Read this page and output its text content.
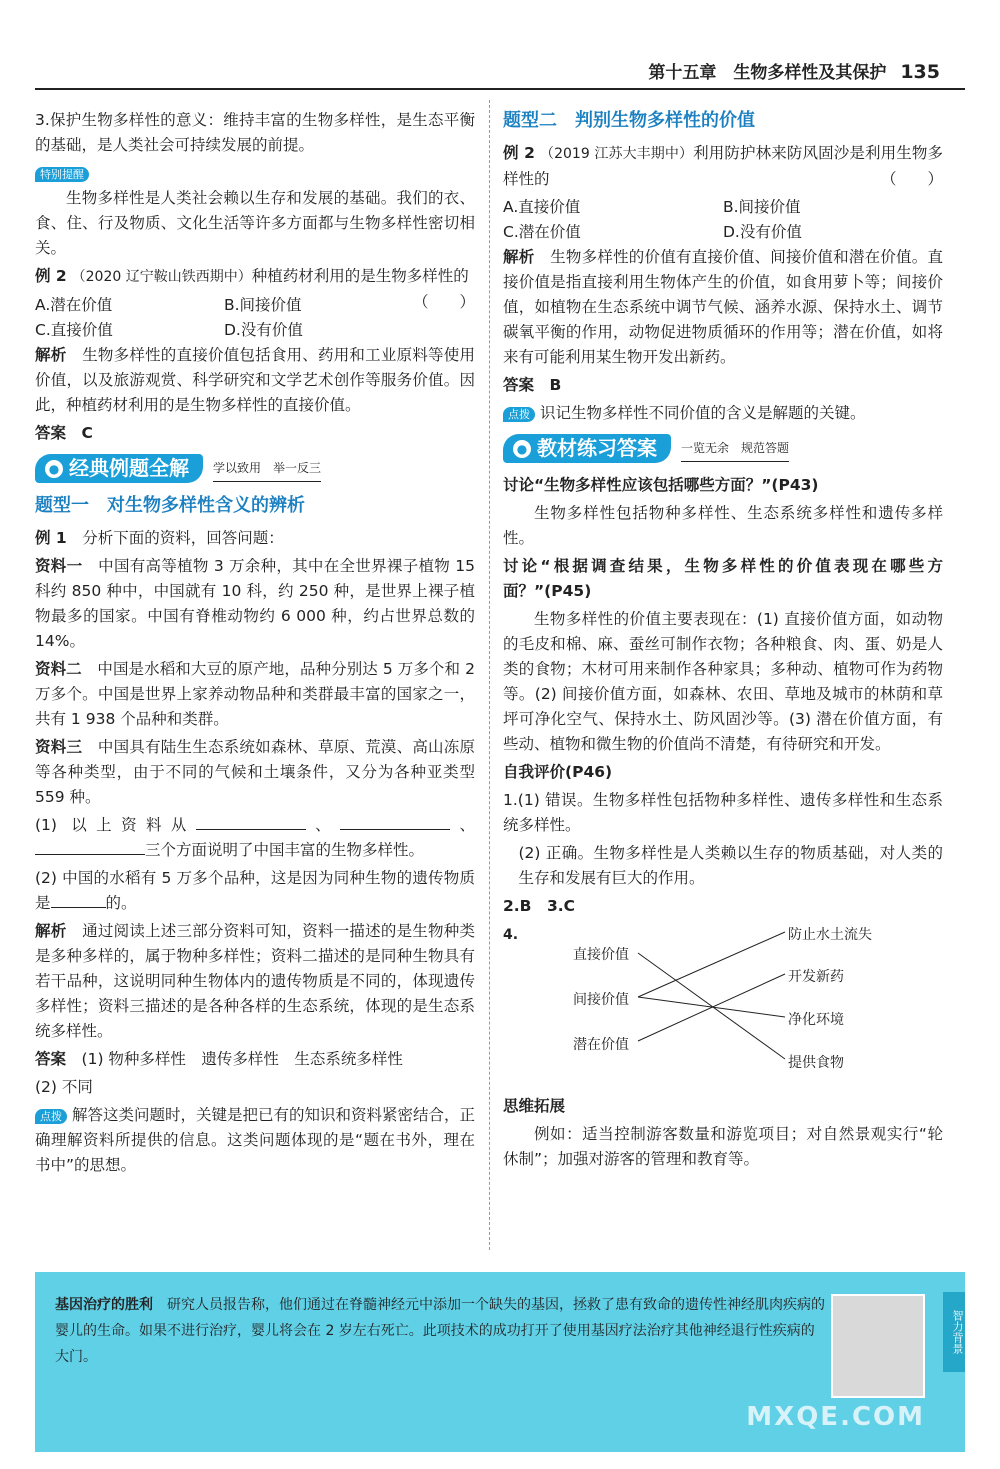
第十五章　生物多样性及其保护 135

3.保护生物多样性的意义：维持丰富的生物多样性，是生态平衡的基础，是人类社会可持续发展的前提。

特别提醒

生物多样性是人类社会赖以生存和发展的基础。我们的衣、食、住、行及物质、文化生活等许多方面都与生物多样性密切相关。

例 2 （2020 辽宁鞍山铁西期中）种植药材利用的是生物多样性的
（　　）

A.潜在价值	B.间接价值
C.直接价值	D.没有价值

解析　 生物多样性的直接价值包括食用、药用和工业原料等使用价值，以及旅游观赏、科学研究和文学艺术创作等服务价值。因此，种植药材利用的是生物多样性的直接价值。

答案　 C

● 经典例题全解 学以致用　举一反三
题型一　对生物多样性含义的辨析

例 1　 分析下面的资料，回答问题：

资料一　 中国有高等植物 3 万余种，其中在全世界裸子植物 15 科约 850 种中，中国就有 10 科，约 250 种，是世界上裸子植物最多的国家。中国有脊椎动物约 6 000 种，约占世界总数的 14%。

资料二　 中国是水稻和大豆的原产地，品种分别达 5 万多个和 2 万多个。中国是世界上家养动物品种和类群最丰富的国家之一，共有 1 938 个品种和类群。

资料三　 中国具有陆生生态系统如森林、草原、荒漠、高山冻原等各种类型，由于不同的气候和土壤条件，又分为各种亚类型 559 种。

(1) 以上资料从	、	、三个方面说明了中国丰富的生物多样性。

(2) 中国的水稻有 5 万多个品种，这是因为同种生物的遗传物质是	的。

解析　 通过阅读上述三部分资料可知，资料一描述的是生物种类是多种多样的，属于物种多样性；资料二描述的是同种生物具有若干品种，这说明同种生物体内的遗传物质是不同的，体现遗传多样性；资料三描述的是各种各样的生态系统，体现的是生态系统多样性。

答案　 (1) 物种多样性　遗传多样性　生态系统多样性

(2) 不同

点拨 解答这类问题时，关键是把已有的知识和资料紧密结合，正确理解资料所提供的信息。这类问题体现的是“题在书外，理在书中”的思想。

题型二　判别生物多样性的价值

例 2 （2019 江苏大丰期中）利用防护林来防风固沙是利用生物多样性的	（　　）

A.直接价值	B.间接价值
C.潜在价值	D.没有价值

解析　 生物多样性的价值有直接价值、间接价值和潜在价值。直接价值是指直接利用生物体产生的价值，如食用萝卜等；间接价值，如植物在生态系统中调节气候、涵养水源、保持水土、调节碳氧平衡的作用，动物促进物质循环的作用等；潜在价值，如将来有可能利用某生物开发出新药。

答案　 B

点拨 识记生物多样性不同价值的含义是解题的关键。

● 教材练习答案 一览无余　规范答题

讨论“生物多样性应该包括哪些方面？”(P43)

生物多样性包括物种多样性、生态系统多样性和遗传多样性。

讨论“根据调查结果，生物多样性的价值表现在哪些方面？”(P45)

生物多样性的价值主要表现在：(1) 直接价值方面，如动物的毛皮和棉、麻、蚕丝可制作衣物；各种粮食、肉、蛋、奶是人类的食物；木材可用来制作各种家具；多种动、植物可作为药物等。(2) 间接价值方面，如森林、农田、草地及城市的林荫和草坪可净化空气、保持水土、防风固沙等。(3) 潜在价值方面，有些动、植物和微生物的价值尚不清楚，有待研究和开发。

自我评价(P46)

1.(1) 错误。生物多样性包括物种多样性、遗传多样性和生态系统多样性。

(2) 正确。生物多样性是人类赖以生存的物质基础，对人类的生存和发展有巨大的作用。

2.B　3.C

4.
直接价值
间接价值
潜在价值
防止水土流失
开发新药
净化环境
提供食物

思维拓展

例如：适当控制游客数量和游览项目；对自然景观实行“轮休制”；加强对游客的管理和教育等。

基因治疗的胜利　 研究人员报告称，他们通过在脊髓神经元中添加一个缺失的基因，拯救了患有致命的遗传性神经肌肉疾病的婴儿的生命。如果不进行治疗，婴儿将会在 2 岁左右死亡。此项技术的成功打开了使用基因疗法治疗其他神经退行性疾病的大门。
智力背景
MXQE.COM
